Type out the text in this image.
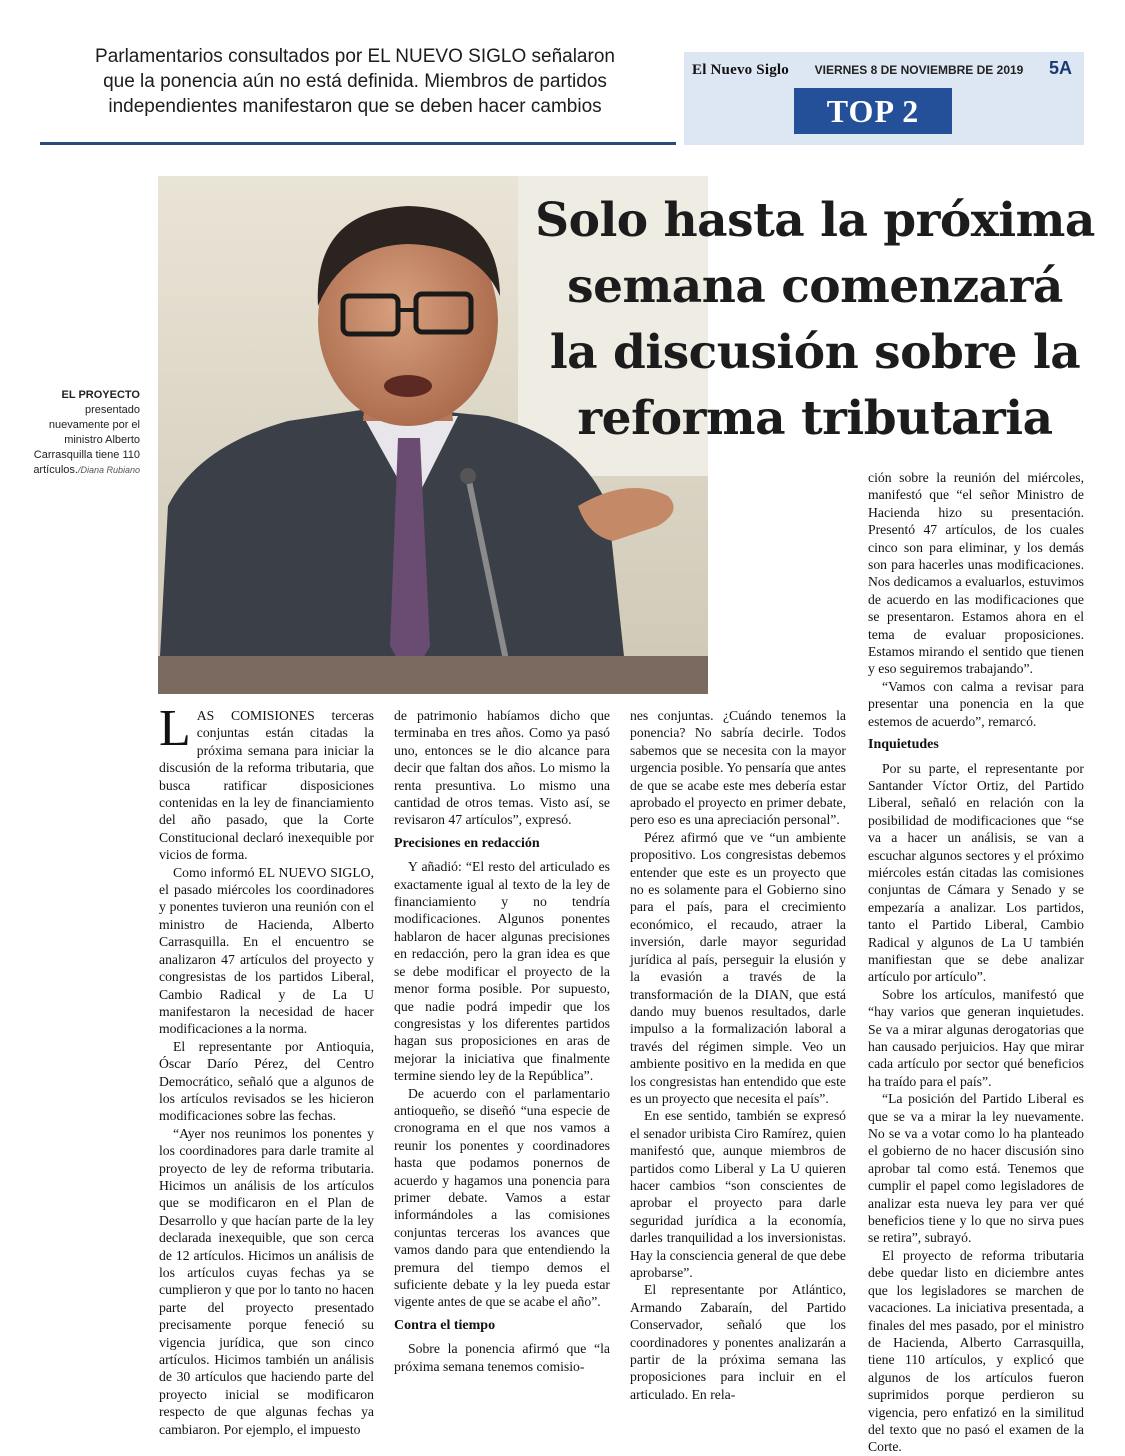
Parlamentarios consultados por EL NUEVO SIGLO señalaron
que la ponencia aún no está definida. Miembros de partidos
independientes manifestaron que se deben hacer cambios
El Nuevo Siglo VIERNES 8 DE NOVIEMBRE DE 2019 5A
TOP 2
Solo hasta la próxima
semana comenzará
la discusión sobre la
reforma tributaria
EL PROYECTO
presentado nuevamente por el ministro Alberto Carrasquilla tiene 110 artículos./Diana Rubiano

LAS COMISIONES terceras conjuntas están citadas la próxima semana para iniciar la discusión de la reforma tributaria, que busca ratificar disposiciones contenidas en la ley de financiamiento del año pasado, que la Corte Constitucional declaró inexequible por vicios de forma.

Como informó EL NUEVO SIGLO, el pasado miércoles los coordinadores y ponentes tuvieron una reunión con el ministro de Hacienda, Alberto Carrasquilla. En el encuentro se analizaron 47 artículos del proyecto y congresistas de los partidos Liberal, Cambio Radical y de La U manifestaron la necesidad de hacer modificaciones a la norma.

El representante por Antioquia, Óscar Darío Pérez, del Centro Democrático, señaló que a algunos de los artículos revisados se les hicieron modificaciones sobre las fechas.

“Ayer nos reunimos los ponentes y los coordinadores para darle tramite al proyecto de ley de reforma tributaria. Hicimos un análisis de los artículos que se modificaron en el Plan de Desarrollo y que hacían parte de la ley declarada inexequible, que son cerca de 12 artículos. Hicimos un análisis de los artículos cuyas fechas ya se cumplieron y que por lo tanto no hacen parte del proyecto presentado precisamente porque feneció su vigencia jurídica, que son cinco artículos. Hicimos también un análisis de 30 artículos que haciendo parte del proyecto inicial se modificaron respecto de que algunas fechas ya cambiaron. Por ejemplo, el impuesto

de patrimonio habíamos dicho que terminaba en tres años. Como ya pasó uno, entonces se le dio alcance para decir que faltan dos años. Lo mismo la renta presuntiva. Lo mismo una cantidad de otros temas. Visto así, se revisaron 47 artículos”, expresó.

Precisiones en redacción

Y añadió: “El resto del articulado es exactamente igual al texto de la ley de financiamiento y no tendría modificaciones. Algunos ponentes hablaron de hacer algunas precisiones en redacción, pero la gran idea es que se debe modificar el proyecto de la menor forma posible. Por supuesto, que nadie podrá impedir que los congresistas y los diferentes partidos hagan sus proposiciones en aras de mejorar la iniciativa que finalmente termine siendo ley de la República”.

De acuerdo con el parlamentario antioqueño, se diseñó “una especie de cronograma en el que nos vamos a reunir los ponentes y coordinadores hasta que podamos ponernos de acuerdo y hagamos una ponencia para primer debate. Vamos a estar informándoles a las comisiones conjuntas terceras los avances que vamos dando para que entendiendo la premura del tiempo demos el suficiente debate y la ley pueda estar vigente antes de que se acabe el año”.

Contra el tiempo

Sobre la ponencia afirmó que “la próxima semana tenemos comisio-

nes conjuntas. ¿Cuándo tenemos la ponencia? No sabría decirle. Todos sabemos que se necesita con la mayor urgencia posible. Yo pensaría que antes de que se acabe este mes debería estar aprobado el proyecto en primer debate, pero eso es una apreciación personal”.

Pérez afirmó que ve “un ambiente propositivo. Los congresistas debemos entender que este es un proyecto que no es solamente para el Gobierno sino para el país, para el crecimiento económico, el recaudo, atraer la inversión, darle mayor seguridad jurídica al país, perseguir la elusión y la evasión a través de la transformación de la DIAN, que está dando muy buenos resultados, darle impulso a la formalización laboral a través del régimen simple. Veo un ambiente positivo en la medida en que los congresistas han entendido que este es un proyecto que necesita el país”.

En ese sentido, también se expresó el senador uribista Ciro Ramírez, quien manifestó que, aunque miembros de partidos como Liberal y La U quieren hacer cambios “son conscientes de aprobar el proyecto para darle seguridad jurídica a la economía, darles tranquilidad a los inversionistas. Hay la consciencia general de que debe aprobarse”.

El representante por Atlántico, Armando Zabaraín, del Partido Conservador, señaló que los coordinadores y ponentes analizarán a partir de la próxima semana las proposiciones para incluir en el articulado. En rela-

ción sobre la reunión del miércoles, manifestó que “el señor Ministro de Hacienda hizo su presentación. Presentó 47 artículos, de los cuales cinco son para eliminar, y los demás son para hacerles unas modificaciones. Nos dedicamos a evaluarlos, estuvimos de acuerdo en las modificaciones que se presentaron. Estamos ahora en el tema de evaluar proposiciones. Estamos mirando el sentido que tienen y eso seguiremos trabajando”.

“Vamos con calma a revisar para presentar una ponencia en la que estemos de acuerdo”, remarcó.

Inquietudes

Por su parte, el representante por Santander Víctor Ortiz, del Partido Liberal, señaló en relación con la posibilidad de modificaciones que “se va a hacer un análisis, se van a escuchar algunos sectores y el próximo miércoles están citadas las comisiones conjuntas de Cámara y Senado y se empezaría a analizar. Los partidos, tanto el Partido Liberal, Cambio Radical y algunos de La U también manifiestan que se debe analizar artículo por artículo”.

Sobre los artículos, manifestó que “hay varios que generan inquietudes. Se va a mirar algunas derogatorias que han causado perjuicios. Hay que mirar cada artículo por sector qué beneficios ha traído para el país”.

“La posición del Partido Liberal es que se va a mirar la ley nuevamente. No se va a votar como lo ha planteado el gobierno de no hacer discusión sino aprobar tal como está. Tenemos que cumplir el papel como legisladores de analizar esta nueva ley para ver qué beneficios tiene y lo que no sirva pues se retira”, subrayó.

El proyecto de reforma tributaria debe quedar listo en diciembre antes que los legisladores se marchen de vacaciones. La iniciativa presentada, a finales del mes pasado, por el ministro de Hacienda, Alberto Carrasquilla, tiene 110 artículos, y explicó que algunos de los artículos fueron suprimidos porque perdieron su vigencia, pero enfatizó en la similitud del texto que no pasó el examen de la Corte.
